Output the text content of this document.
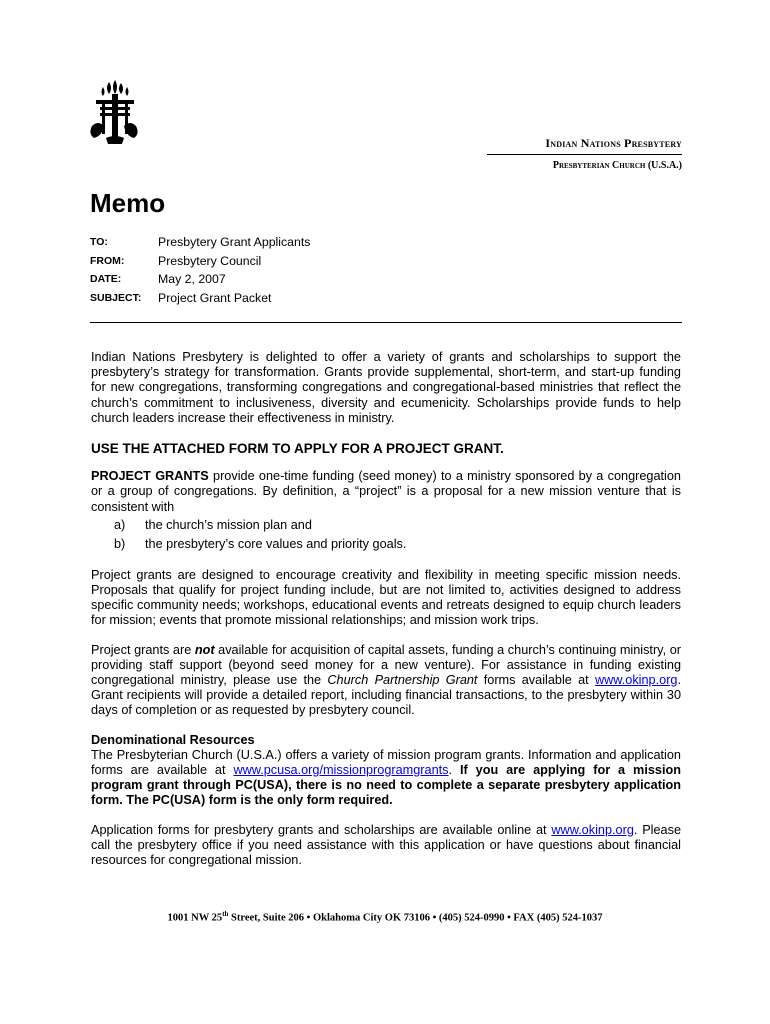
Indian Nations Presbytery
Presbyterian Church (U.S.A.)
Memo
TO:	Presbytery Grant Applicants
FROM:	Presbytery Council
DATE:	May 2, 2007
SUBJECT:	Project Grant Packet

Indian Nations Presbytery is delighted to offer a variety of grants and scholarships to support the presbytery’s strategy for transformation. Grants provide supplemental, short-term, and start-up funding for new congregations, transforming congregations and congregational-based ministries that reflect the church’s commitment to inclusiveness, diversity and ecumenicity. Scholarships provide funds to help church leaders increase their effectiveness in ministry.

USE THE ATTACHED FORM TO APPLY FOR A PROJECT GRANT.

PROJECT GRANTS provide one-time funding (seed money) to a ministry sponsored by a congregation or a group of congregations. By definition, a “project” is a proposal for a new mission venture that is consistent with

a)	the church’s mission plan and
b)	the presbytery’s core values and priority goals.

Project grants are designed to encourage creativity and flexibility in meeting specific mission needs. Proposals that qualify for project funding include, but are not limited to, activities designed to address specific community needs; workshops, educational events and retreats designed to equip church leaders for mission; events that promote missional relationships; and mission work trips.

Project grants are not available for acquisition of capital assets, funding a church’s continuing ministry, or providing staff support (beyond seed money for a new venture). For assistance in funding existing congregational ministry, please use the Church Partnership Grant forms available at www.okinp.org. Grant recipients will provide a detailed report, including financial transactions, to the presbytery within 30 days of completion or as requested by presbytery council.

Denominational Resources

The Presbyterian Church (U.S.A.) offers a variety of mission program grants. Information and application forms are available at www.pcusa.org/missionprogramgrants. If you are applying for a mission program grant through PC(USA), there is no need to complete a separate presbytery application form. The PC(USA) form is the only form required.

Application forms for presbytery grants and scholarships are available online at www.okinp.org. Please call the presbytery office if you need assistance with this application or have questions about financial resources for congregational mission.

1001 NW 25th Street, Suite 206 • Oklahoma City OK 73106 • (405) 524-0990 • FAX (405) 524-1037
